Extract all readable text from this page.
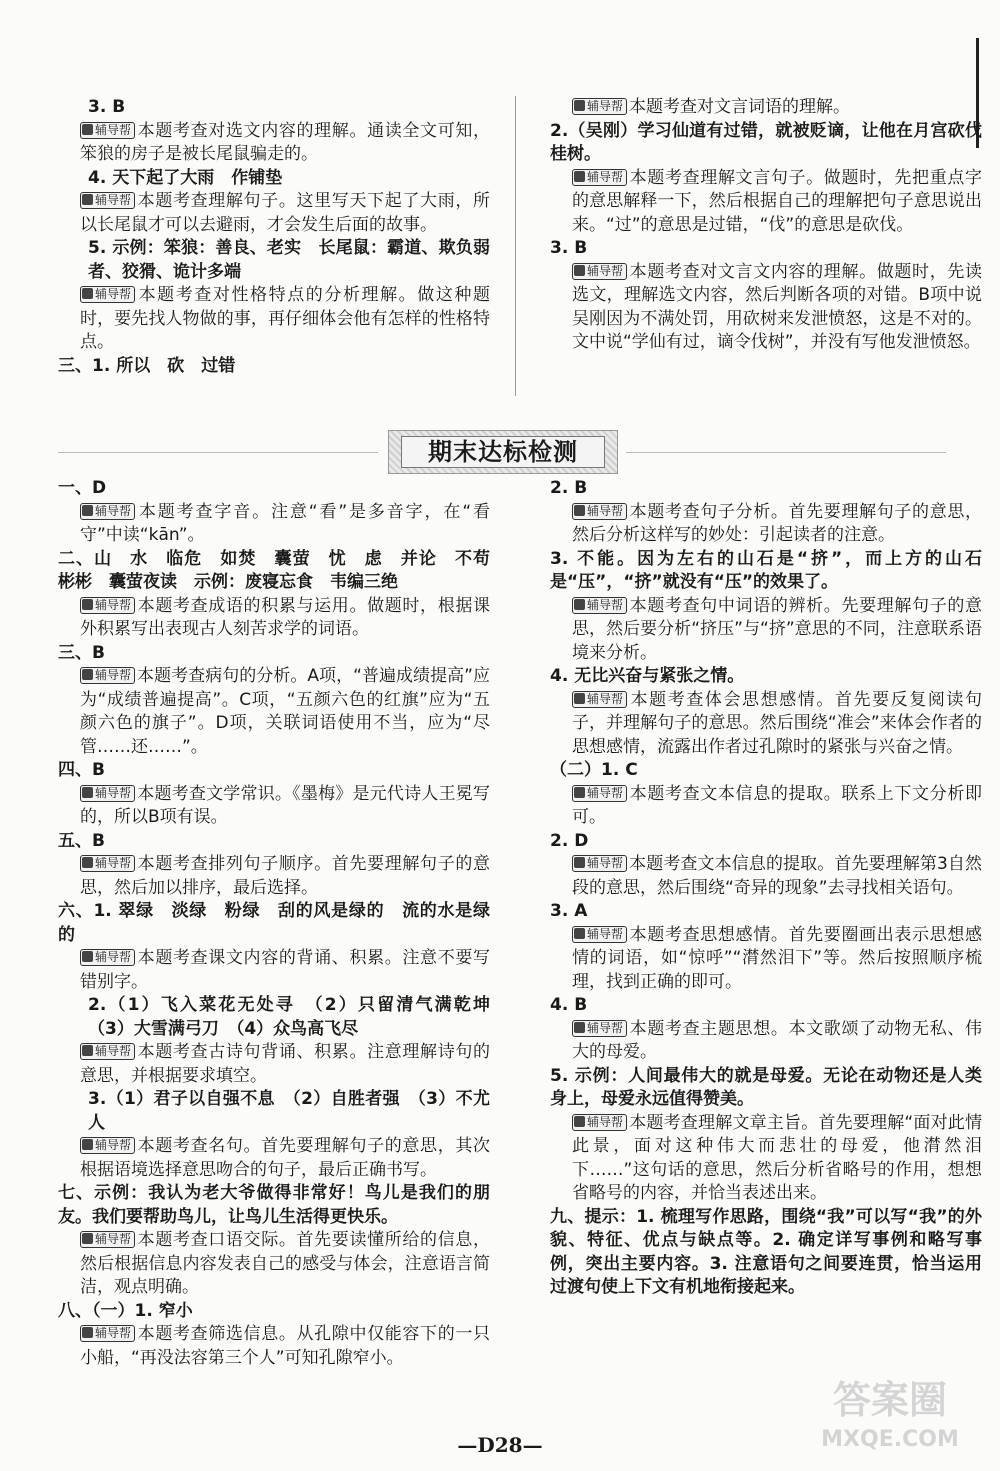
3. B
辅导帮 本题考查对选文内容的理解。通读全文可知，笨狼的房子是被长尾鼠骗走的。
4. 天下起了大雨　作铺垫
辅导帮 本题考查理解句子。这里写天下起了大雨，所以长尾鼠才可以去避雨，才会发生后面的故事。
5. 示例：笨狼：善良、老实　长尾鼠：霸道、欺负弱者、狡猾、诡计多端
辅导帮 本题考查对性格特点的分析理解。做这种题时，要先找人物做的事，再仔细体会他有怎样的性格特点。
三、1. 所以　砍　过错
辅导帮 本题考查对文言词语的理解。
2.（吴刚）学习仙道有过错，就被贬谪，让他在月宫砍伐桂树。
辅导帮 本题考查理解文言句子。做题时，先把重点字的意思解释一下，然后根据自己的理解把句子意思说出来。“过”的意思是过错，“伐”的意思是砍伐。
3. B
辅导帮 本题考查对文言文内容的理解。做题时，先读选文，理解选文内容，然后判断各项的对错。B项中说吴刚因为不满处罚，用砍树来发泄愤怒，这是不对的。文中说“学仙有过，谪令伐树”，并没有写他发泄愤怒。
期末达标检测
一、D
辅导帮 本题考查字音。注意“看”是多音字，在“看守”中读“kān”。
二、山　水　临危　如焚　囊萤　忧　虑　并论　不苟　彬彬　囊萤夜读　示例：废寝忘食　韦编三绝
辅导帮 本题考查成语的积累与运用。做题时，根据课外积累写出表现古人刻苦求学的词语。
三、B
辅导帮 本题考查病句的分析。A项，“普遍成绩提高”应为“成绩普遍提高”。C项，“五颜六色的红旗”应为“五颜六色的旗子”。D项，关联词语使用不当，应为“尽管……还……”。
四、B
辅导帮 本题考查文学常识。《墨梅》是元代诗人王冕写的，所以B项有误。
五、B
辅导帮 本题考查排列句子顺序。首先要理解句子的意思，然后加以排序，最后选择。
六、1. 翠绿　淡绿　粉绿　刮的风是绿的　流的水是绿的
辅导帮 本题考查课文内容的背诵、积累。注意不要写错别字。
2.（1）飞入菜花无处寻　（2）只留清气满乾坤　（3）大雪满弓刀　（4）众鸟高飞尽
辅导帮 本题考查古诗句背诵、积累。注意理解诗句的意思，并根据要求填空。
3.（1）君子以自强不息　（2）自胜者强　（3）不尤人
辅导帮 本题考查名句。首先要理解句子的意思，其次根据语境选择意思吻合的句子，最后正确书写。
七、示例：我认为老大爷做得非常好！鸟儿是我们的朋友。我们要帮助鸟儿，让鸟儿生活得更快乐。
辅导帮 本题考查口语交际。首先要读懂所给的信息，然后根据信息内容发表自己的感受与体会，注意语言简洁，观点明确。
八、（一）1. 窄小
辅导帮 本题考查筛选信息。从孔隙中仅能容下的一只小船，“再没法容第三个人”可知孔隙窄小。
2. B
辅导帮 本题考查句子分析。首先要理解句子的意思，然后分析这样写的妙处：引起读者的注意。
3. 不能。因为左右的山石是“挤”，而上方的山石是“压”，“挤”就没有“压”的效果了。
辅导帮 本题考查句中词语的辨析。先要理解句子的意思，然后要分析“挤压”与“挤”意思的不同，注意联系语境来分析。
4. 无比兴奋与紧张之情。
辅导帮 本题考查体会思想感情。首先要反复阅读句子，并理解句子的意思。然后围绕“准会”来体会作者的思想感情，流露出作者过孔隙时的紧张与兴奋之情。
（二）1. C
辅导帮 本题考查文本信息的提取。联系上下文分析即可。
2. D
辅导帮 本题考查文本信息的提取。首先要理解第3自然段的意思，然后围绕“奇异的现象”去寻找相关语句。
3. A
辅导帮 本题考查思想感情。首先要圈画出表示思想感情的词语，如“惊呼”“潸然泪下”等。然后按照顺序梳理，找到正确的即可。
4. B
辅导帮 本题考查主题思想。本文歌颂了动物无私、伟大的母爱。
5. 示例：人间最伟大的就是母爱。无论在动物还是人类身上，母爱永远值得赞美。
辅导帮 本题考查理解文章主旨。首先要理解“面对此情此景，面对这种伟大而悲壮的母爱，他潸然泪下……”这句话的意思，然后分析省略号的作用，想想省略号的内容，并恰当表述出来。
九、提示：1. 梳理写作思路，围绕“我”可以写“我”的外貌、特征、优点与缺点等。2. 确定详写事例和略写事例，突出主要内容。3. 注意语句之间要连贯，恰当运用过渡句使上下文有机地衔接起来。
答案圈
MXQE.COM
—D28—
